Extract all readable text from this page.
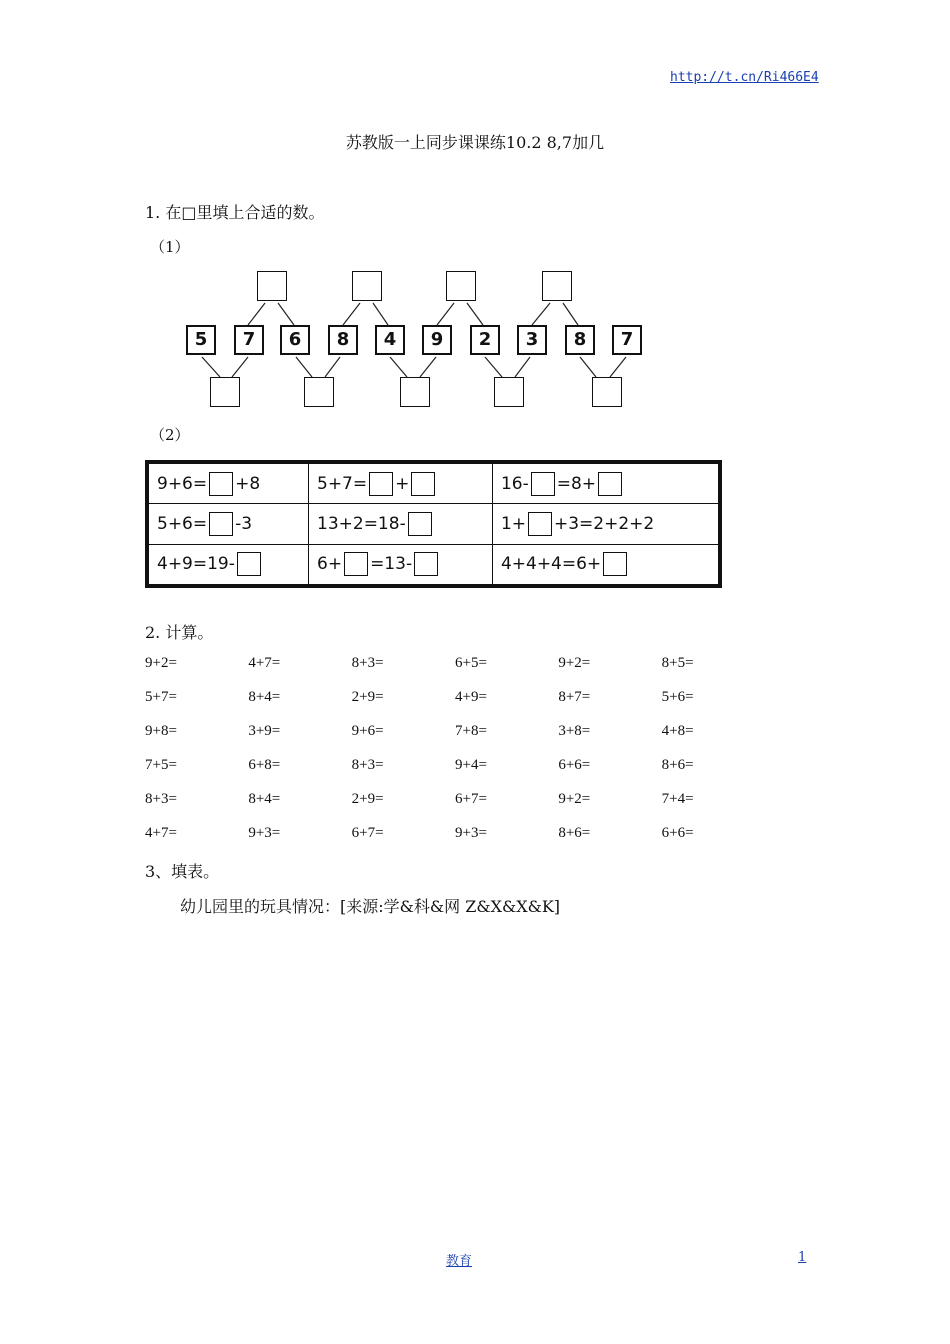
http://t.cn/Ri466E4
苏教版一上同步课课练10.2 8,7加几
1. 在□里填上合适的数。
（1）
5	7	6	8	4	9	2	3	8	7
（2）
9+6= +8	5+7= +	16- =8+
5+6= -3	13+2=18-	1+ +3=2+2+2
4+9=19-	6+ =13-	4+4+4=6+
2. 计算。
9+2=	4+7=	8+3=	6+5=	9+2=	8+5=
5+7=	8+4=	2+9=	4+9=	8+7=	5+6=
9+8=	3+9=	9+6=	7+8=	3+8=	4+8=
7+5=	6+8=	8+3=	9+4=	6+6=	8+6=
8+3=	8+4=	2+9=	6+7=	9+2=	7+4=
4+7=	9+3=	6+7=	9+3=	8+6=	6+6=
3、填表。
幼儿园里的玩具情况：[来源:学&科&网 Z&X&X&K]
教育	1
